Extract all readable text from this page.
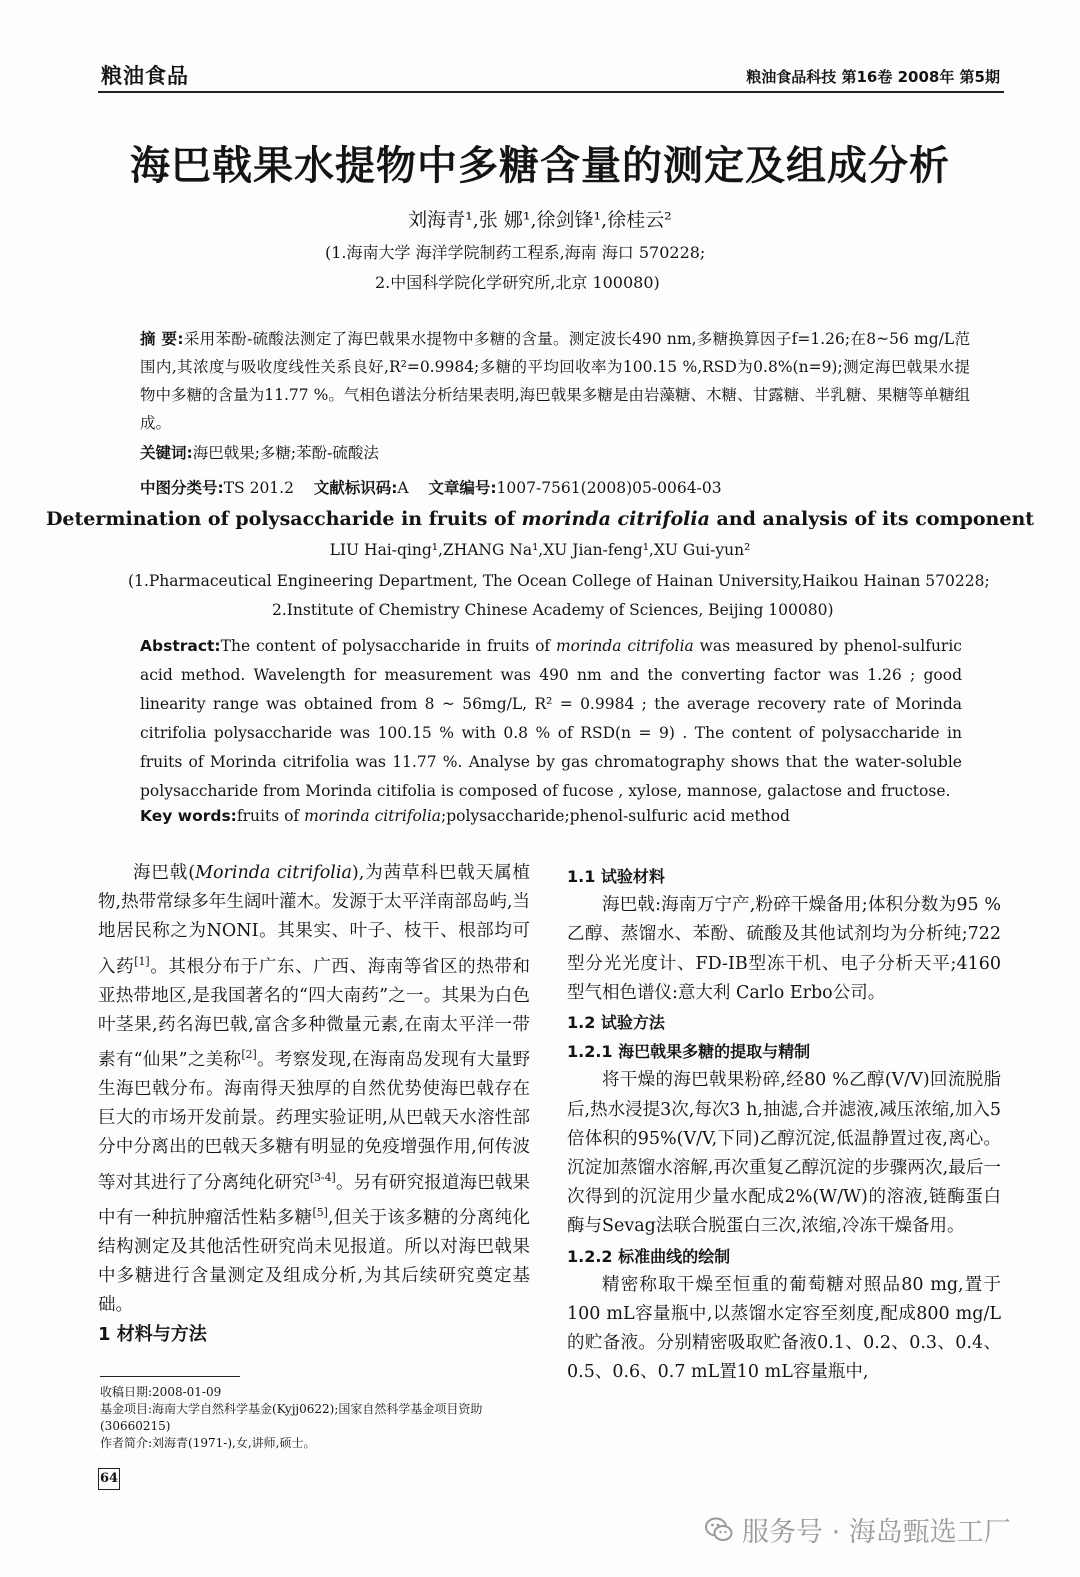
粮油食品	粮油食品科技 第16卷 2008年 第5期
海巴戟果水提物中多糖含量的测定及组成分析
刘海青¹,张 娜¹,徐剑锋¹,徐桂云²
(1.海南大学 海洋学院制药工程系,海南 海口 570228;
2.中国科学院化学研究所,北京 100080)
摘 要:采用苯酚-硫酸法测定了海巴戟果水提物中多糖的含量。测定波长490 nm,多糖换算因子f=1.26;在8~56 mg/L范围内,其浓度与吸收度线性关系良好,R²=0.9984;多糖的平均回收率为100.15 %,RSD为0.8%(n=9);测定海巴戟果水提物中多糖的含量为11.77 %。气相色谱法分析结果表明,海巴戟果多糖是由岩藻糖、木糖、甘露糖、半乳糖、果糖等单糖组成。
关键词:海巴戟果;多糖;苯酚-硫酸法
中图分类号:TS 201.2 文献标识码:A 文章编号:1007-7561(2008)05-0064-03
Determination of polysaccharide in fruits of morinda citrifolia and analysis of its component
LIU Hai-qing¹,ZHANG Na¹,XU Jian-feng¹,XU Gui-yun²
(1.Pharmaceutical Engineering Department, The Ocean College of Hainan University,Haikou Hainan 570228;
2.Institute of Chemistry Chinese Academy of Sciences, Beijing 100080)
Abstract:The content of polysaccharide in fruits of morinda citrifolia was measured by phenol-sulfuric acid method. Wavelength for measurement was 490 nm and the converting factor was 1.26 ; good linearity range was obtained from 8 ~ 56mg/L, R² = 0.9984 ; the average recovery rate of Morinda citrifolia polysaccharide was 100.15 % with 0.8 % of RSD(n = 9) . The content of polysaccharide in fruits of Morinda citrifolia was 11.77 %. Analyse by gas chromatography shows that the water-soluble polysaccharide from Morinda citifolia is composed of fucose , xylose, mannose, galactose and fructose.
Key words:fruits of morinda citrifolia;polysaccharide;phenol-sulfuric acid method

海巴戟(Morinda citrifolia),为茜草科巴戟天属植物,热带常绿多年生阔叶灌木。发源于太平洋南部岛屿,当地居民称之为NONI。其果实、叶子、枝干、根部均可入药[1]。其根分布于广东、广西、海南等省区的热带和亚热带地区,是我国著名的“四大南药”之一。其果为白色叶茎果,药名海巴戟,富含多种微量元素,在南太平洋一带素有“仙果”之美称[2]。考察发现,在海南岛发现有大量野生海巴戟分布。海南得天独厚的自然优势使海巴戟存在巨大的市场开发前景。药理实验证明,从巴戟天水溶性部分中分离出的巴戟天多糖有明显的免疫增强作用,何传波等对其进行了分离纯化研究[3-4]。另有研究报道海巴戟果中有一种抗肿瘤活性粘多糖[5],但关于该多糖的分离纯化结构测定及其他活性研究尚未见报道。所以对海巴戟果中多糖进行含量测定及组成分析,为其后续研究奠定基础。

1 材料与方法

1.1 试验材料

海巴戟:海南万宁产,粉碎干燥备用;体积分数为95 %乙醇、蒸馏水、苯酚、硫酸及其他试剂均为分析纯;722型分光光度计、FD-IB型冻干机、电子分析天平;4160 型气相色谱仪:意大利 Carlo Erbo公司。

1.2 试验方法

1.2.1 海巴戟果多糖的提取与精制

将干燥的海巴戟果粉碎,经80 %乙醇(V/V)回流脱脂后,热水浸提3次,每次3 h,抽滤,合并滤液,减压浓缩,加入5倍体积的95%(V/V,下同)乙醇沉淀,低温静置过夜,离心。沉淀加蒸馏水溶解,再次重复乙醇沉淀的步骤两次,最后一次得到的沉淀用少量水配成2%(W/W)的溶液,链酶蛋白酶与Sevag法联合脱蛋白三次,浓缩,冷冻干燥备用。

1.2.2 标准曲线的绘制

精密称取干燥至恒重的葡萄糖对照品80 mg,置于100 mL容量瓶中,以蒸馏水定容至刻度,配成800 mg/L的贮备液。分别精密吸取贮备液0.1、0.2、0.3、0.4、0.5、0.6、0.7 mL置10 mL容量瓶中,

收稿日期:2008-01-09

基金项目:海南大学自然科学基金(Kyjj0622);国家自然科学基金项目资助(30660215)

作者简介:刘海青(1971-),女,讲师,硕士。

64
服务号 · 海岛甄选工厂
